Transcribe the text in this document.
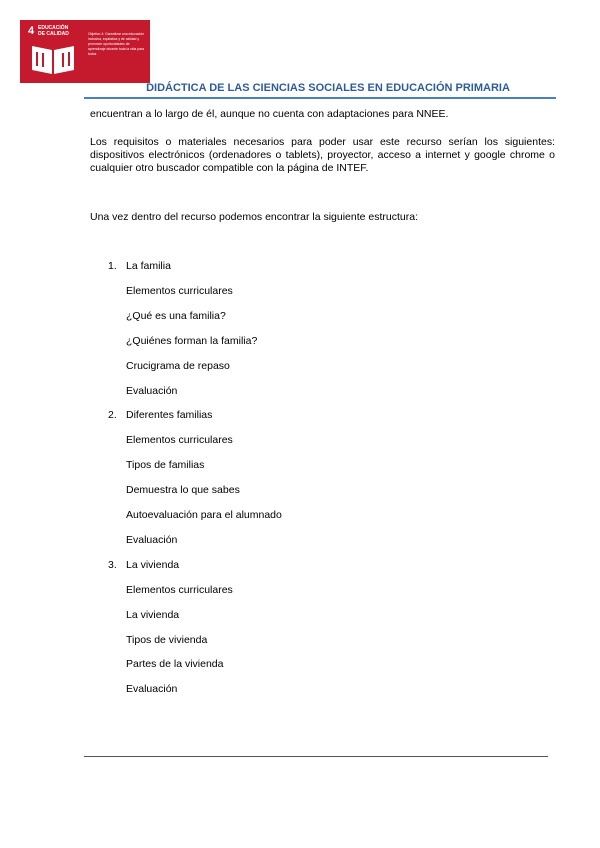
4 EDUCACIÓN DE CALIDAD	Objetivo 4: Garantizar una educación inclusiva, equitativa y de calidad y promover oportunidades de aprendizaje durante toda la vida para todos
DIDÁCTICA DE LAS CIENCIAS SOCIALES EN EDUCACIÓN PRIMARIA
encuentran a lo largo de él, aunque no cuenta con adaptaciones para NNEE.
Los requisitos o materiales necesarios para poder usar este recurso serían los siguientes: dispositivos electrónicos (ordenadores o tablets), proyector, acceso a internet y google chrome o cualquier otro buscador compatible con la página de INTEF.
Una vez dentro del recurso podemos encontrar la siguiente estructura:
1. La familia
Elementos curriculares
¿Qué es una familia?
¿Quiénes forman la familia?
Crucigrama de repaso
Evaluación
2. Diferentes familias
Elementos curriculares
Tipos de familias
Demuestra lo que sabes
Autoevaluación para el alumnado
Evaluación
3. La vivienda
Elementos curriculares
La vivienda
Tipos de vivienda
Partes de la vivienda
Evaluación
